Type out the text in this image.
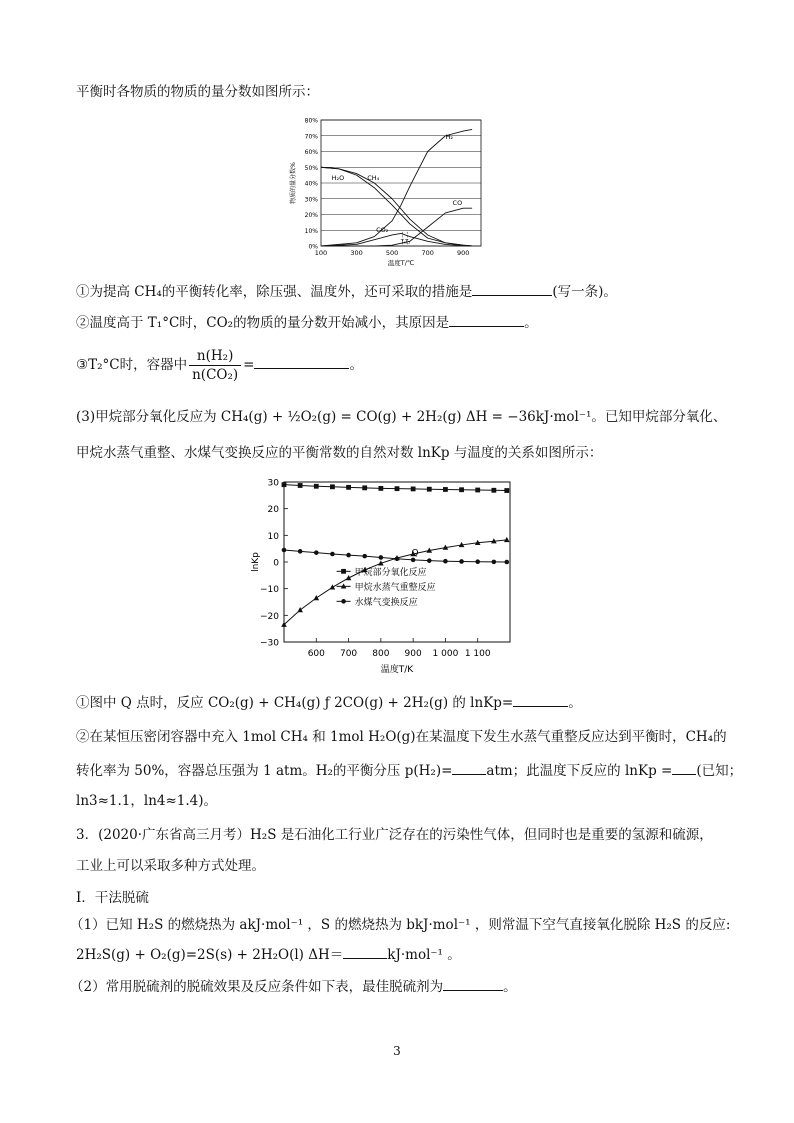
平衡时各物质的物质的量分数如图所示：
0%
10%
20%
30%
40%
50%
60%
70%
80%
100	300	500	700	900
温度T/℃
物质的量分数%
H₂
H₂O	CH₄
CO
CO₂
T₁ T₂
①为提高 CH₄的平衡转化率，除压强、温度外，还可采取的措施是	(写一条)。
②温度高于 T₁°C时，CO₂的物质的量分数开始减小，其原因是	。
③T₂°C时，容器中 $\frac{\text{n(H₂)}}{\text{n(CO₂)}}$ =	。
(3)甲烷部分氧化反应为 CH₄(g) + ½O₂(g) = CO(g) + 2H₂(g) ΔH = −36kJ·mol⁻¹。已知甲烷部分氧化、
甲烷水蒸气重整、水煤气变换反应的平衡常数的自然对数 lnKp 与温度的关系如图所示：
30
20
10
0
−10
−20
−30
600 700 800 900 1 000 1 100
温度T/K
lnKp	Q
甲烷部分氧化反应
甲烷水蒸气重整反应
水煤气变换反应
①图中 Q 点时，反应 CO₂(g) + CH₄(g) ƒ 2CO(g) + 2H₂(g) 的 lnKp=	。
②在某恒压密闭容器中充入 1mol CH₄ 和 1mol H₂O(g)在某温度下发生水蒸气重整反应达到平衡时，CH₄的
转化率为 50%，容器总压强为 1 atm。H₂的平衡分压 p(H₂)=	atm；此温度下反应的 lnKp = (已知；
ln3≈1.1，ln4≈1.4)。
3．(2020·广东省高三月考）H₂S 是石油化工行业广泛存在的污染性气体，但同时也是重要的氢源和硫源，
工业上可以采取多种方式处理。
Ⅰ．干法脱硫
（1）已知 H₂S 的燃烧热为 akJ·mol⁻¹ ，S 的燃烧热为 bkJ·mol⁻¹ ，则常温下空气直接氧化脱除 H₂S 的反应:
2H₂S(g) + O₂(g)=2S(s) + 2H₂O(l) ΔH＝	kJ·mol⁻¹ 。
（2）常用脱硫剂的脱硫效果及反应条件如下表，最佳脱硫剂为	。
3
